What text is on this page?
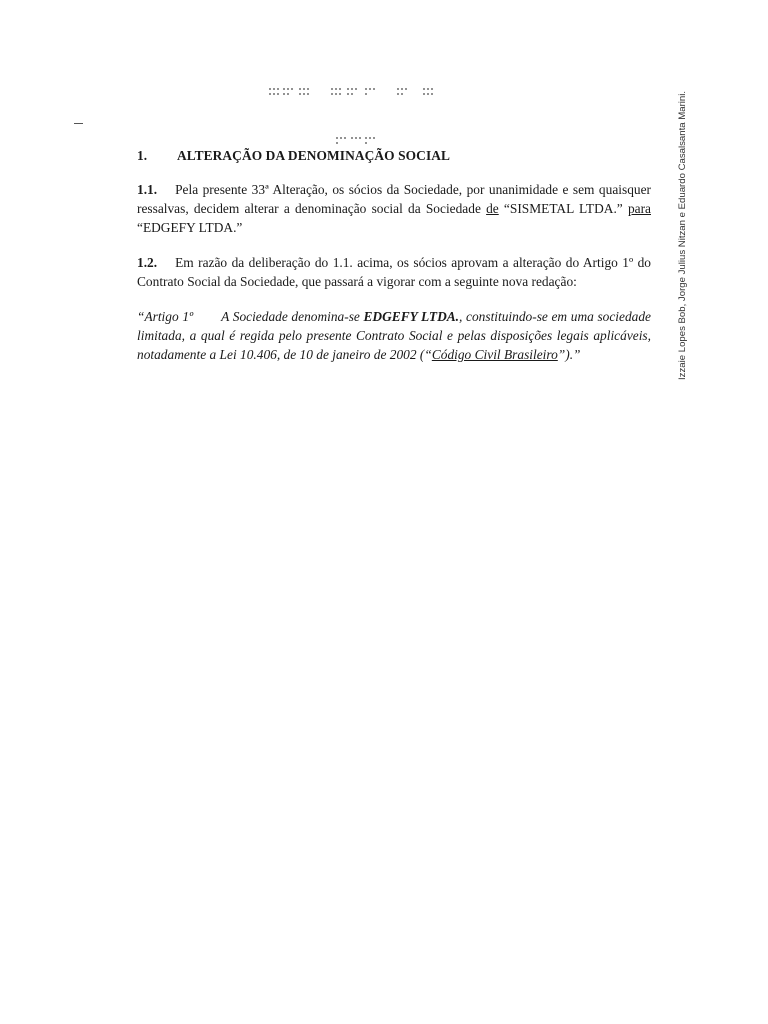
Izzaie Lopes Bob, Jorge Julius Nitzan e Eduardo Casalsanta Marini.

1.	ALTERAÇÃO DA DENOMINAÇÃO SOCIAL

1.1. Pela presente 33ª Alteração, os sócios da Sociedade, por unanimidade e sem quaisquer ressalvas, decidem alterar a denominação social da Sociedade de “SISMETAL LTDA.” para “EDGEFY LTDA.”

1.2. Em razão da deliberação do 1.1. acima, os sócios aprovam a alteração do Artigo 1º do Contrato Social da Sociedade, que passará a vigorar com a seguinte nova redação:

“Artigo 1º A Sociedade denomina-se EDGEFY LTDA., constituindo-se em uma sociedade limitada, a qual é regida pelo presente Contrato Social e pelas disposições legais aplicáveis, notadamente a Lei 10.406, de 10 de janeiro de 2002 (“Código Civil Brasileiro”).”
